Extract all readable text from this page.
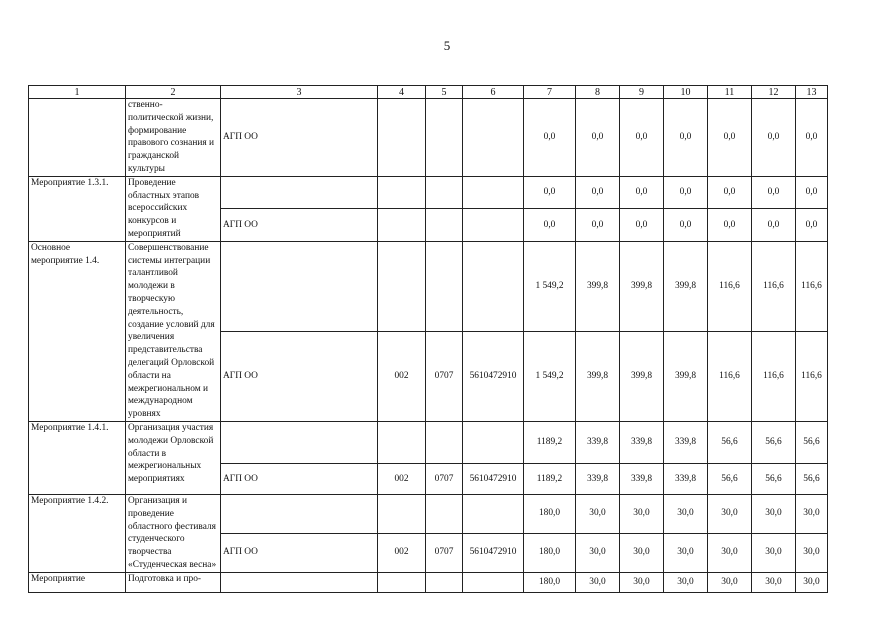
5
1	2	3	4	5	6	7	8	9	10	11	12	13
	ственно-политической жизни, формирование правового сознания и гражданской культуры	АГП ОО				0,0	0,0	0,0	0,0	0,0	0,0	0,0
Мероприятие 1.3.1.	Проведение областных этапов всероссийских конкурсов и мероприятий					0,0	0,0	0,0	0,0	0,0	0,0	0,0
		АГП ОО				0,0	0,0	0,0	0,0	0,0	0,0	0,0
Основное мероприятие 1.4.	Совершенствование системы интеграции талантливой молодежи в творческую деятельность, создание условий для увеличения представительства делегаций Орловской области на межрегиональном и международном уровнях					1 549,2	399,8	399,8	399,8	116,6	116,6	116,6
		АГП ОО	002	0707	5610472910	1 549,2	399,8	399,8	399,8	116,6	116,6	116,6
Мероприятие 1.4.1.	Организация участия молодежи Орловской области в межрегиональных мероприятиях					1189,2	339,8	339,8	339,8	56,6	56,6	56,6
		АГП ОО	002	0707	5610472910	1189,2	339,8	339,8	339,8	56,6	56,6	56,6
Мероприятие 1.4.2.	Организация и проведение областного фестиваля студенческого творчества «Студенческая весна»					180,0	30,0	30,0	30,0	30,0	30,0	30,0
		АГП ОО	002	0707	5610472910	180,0	30,0	30,0	30,0	30,0	30,0	30,0
Мероприятие	Подготовка и про-					180,0	30,0	30,0	30,0	30,0	30,0	30,0
